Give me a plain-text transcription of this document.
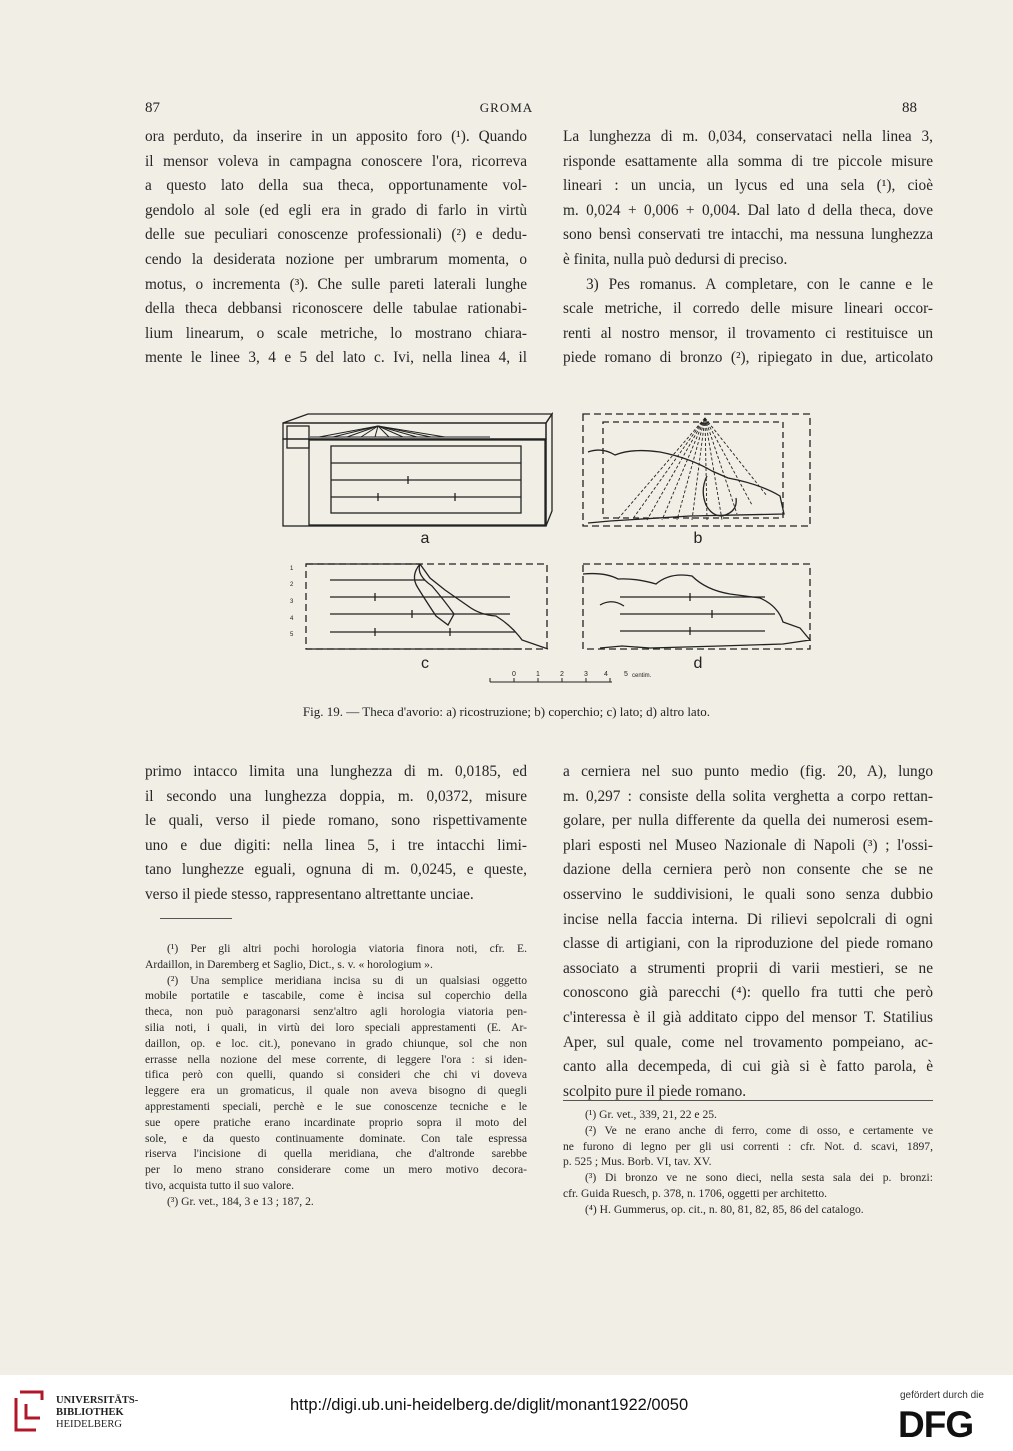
87	GROMA	88

ora perduto, da inserire in un apposito foro (¹). Quando

il mensor voleva in campagna conoscere l'ora, ricorreva

a questo lato della sua theca, opportunamente vol-

gendolo al sole (ed egli era in grado di farlo in virtù

delle sue peculiari conoscenze professionali) (²) e dedu-

cendo la desiderata nozione per umbrarum momenta, o

motus, o incrementa (³). Che sulle pareti laterali lunghe

della theca debbansi riconoscere delle tabulae rationabi-

lium linearum, o scale metriche, lo mostrano chiara-

mente le linee 3, 4 e 5 del lato c. Ivi, nella linea 4, il

La lunghezza di m. 0,034, conservataci nella linea 3,

risponde esattamente alla somma di tre piccole misure

lineari : un uncia, un lycus ed una sela (¹), cioè

m. 0,024 + 0,006 + 0,004. Dal lato d della theca, dove

sono bensì conservati tre intacchi, ma nessuna lunghezza

è finita, nulla può dedursi di preciso.

3) Pes romanus. A completare, con le canne e le

scale metriche, il corredo delle misure lineari occor-

renti al nostro mensor, il trovamento ci restituisce un

piede romano di bronzo (²), ripiegato in due, articolato

a	b
c	d
1
2
3
4
5
0	1	2	3 4 5 centim.
Fig. 19. — Theca d'avorio: a) ricostruzione; b) coperchio; c) lato; d) altro lato.

primo intacco limita una lunghezza di m. 0,0185, ed

il secondo una lunghezza doppia, m. 0,0372, misure

le quali, verso il piede romano, sono rispettivamente

uno e due digiti: nella linea 5, i tre intacchi limi-

tano lunghezze eguali, ognuna di m. 0,0245, e queste,

verso il piede stesso, rappresentano altrettante unciae.

(¹) Per gli altri pochi horologia viatoria finora noti, cfr. E.

Ardaillon, in Daremberg et Saglio, Dict., s. v. « horologium ».

(²) Una semplice meridiana incisa su di un qualsiasi oggetto

mobile portatile e tascabile, come è incisa sul coperchio della

theca, non può paragonarsi senz'altro agli horologia viatoria pen-

silia noti, i quali, in virtù dei loro speciali apprestamenti (E. Ar-

daillon, op. e loc. cit.), ponevano in grado chiunque, sol che non

errasse nella nozione del mese corrente, di leggere l'ora : si iden-

tifica però con quelli, quando si consideri che chi vi doveva

leggere era un gromaticus, il quale non aveva bisogno di quegli

apprestamenti speciali, perchè e le sue conoscenze tecniche e le

sue opere pratiche erano incardinate proprio sopra il moto del

sole, e da questo continuamente dominate. Con tale espressa

riserva l'incisione di quella meridiana, che d'altronde sarebbe

per lo meno strano considerare come un mero motivo decora-

tivo, acquista tutto il suo valore.

(³) Gr. vet., 184, 3 e 13 ; 187, 2.

a cerniera nel suo punto medio (fig. 20, A), lungo

m. 0,297 : consiste della solita verghetta a corpo rettan-

golare, per nulla differente da quella dei numerosi esem-

plari esposti nel Museo Nazionale di Napoli (³) ; l'ossi-

dazione della cerniera però non consente che se ne

osservino le suddivisioni, le quali sono senza dubbio

incise nella faccia interna. Di rilievi sepolcrali di ogni

classe di artigiani, con la riproduzione del piede romano

associato a strumenti proprii di varii mestieri, se ne

conoscono già parecchi (⁴): quello fra tutti che però

c'interessa è il già additato cippo del mensor T. Statilius

Aper, sul quale, come nel trovamento pompeiano, ac-

canto alla decempeda, di cui già si è fatto parola, è

scolpito pure il piede romano.

(¹) Gr. vet., 339, 21, 22 e 25.

(²) Ve ne erano anche di ferro, come di osso, e certamente ve

ne furono di legno per gli usi correnti : cfr. Not. d. scavi, 1897,

p. 525 ; Mus. Borb. VI, tav. XV.

(³) Di bronzo ve ne sono dieci, nella sesta sala dei p. bronzi:

cfr. Guida Ruesch, p. 378, n. 1706, oggetti per architetto.

(⁴) H. Gummerus, op. cit., n. 80, 81, 82, 85, 86 del catalogo.

UNIVERSITÄTS-
BIBLIOTHEK
HEIDELBERG
http://digi.ub.uni-heidelberg.de/diglit/monant1922/0050
gefördert durch die
DFG
